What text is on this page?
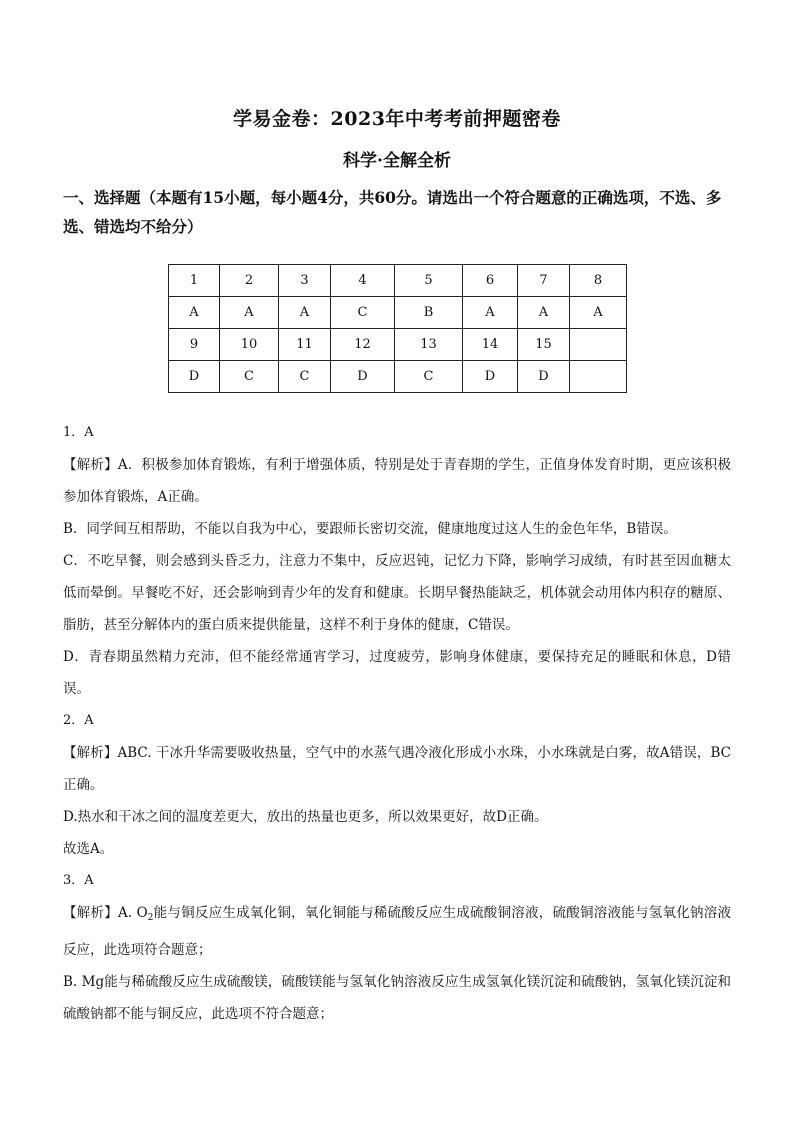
学易金卷：2023年中考考前押题密卷
科学·全解全析
一、选择题（本题有15小题，每小题4分，共60分。请选出一个符合题意的正确选项，不选、多选、错选均不给分）
1	2	3	4	5	6	7	8
A	A	A	C	B	A	A	A
9	10	11	12	13	14	15	
D	C	C	D	C	D	D	

1．A

【解析】A．积极参加体育锻炼，有利于增强体质，特别是处于青春期的学生，正值身体发育时期，更应该积极参加体育锻炼，A正确。

B．同学间互相帮助，不能以自我为中心，要跟师长密切交流，健康地度过这人生的金色年华，B错误。

C．不吃早餐，则会感到头昏乏力，注意力不集中，反应迟钝，记忆力下降，影响学习成绩，有时甚至因血糖太低而晕倒。早餐吃不好，还会影响到青少年的发育和健康。长期早餐热能缺乏，机体就会动用体内积存的糖原、脂肪，甚至分解体内的蛋白质来提供能量，这样不利于身体的健康，C错误。

D．青春期虽然精力充沛，但不能经常通宵学习，过度疲劳，影响身体健康，要保持充足的睡眠和休息，D错误。

2．A

【解析】ABC. 干冰升华需要吸收热量，空气中的水蒸气遇冷液化形成小水珠，小水珠就是白雾，故A错误，BC正确。

D.热水和干冰之间的温度差更大，放出的热量也更多，所以效果更好，故D正确。

故选A。

3．A

【解析】A. $O_2$能与铜反应生成氧化铜，氧化铜能与稀硫酸反应生成硫酸铜溶液，硫酸铜溶液能与氢氧化钠溶液反应，此选项符合题意；

B. Mg能与稀硫酸反应生成硫酸镁，硫酸镁能与氢氧化钠溶液反应生成氢氧化镁沉淀和硫酸钠，氢氧化镁沉淀和硫酸钠都不能与铜反应，此选项不符合题意；
